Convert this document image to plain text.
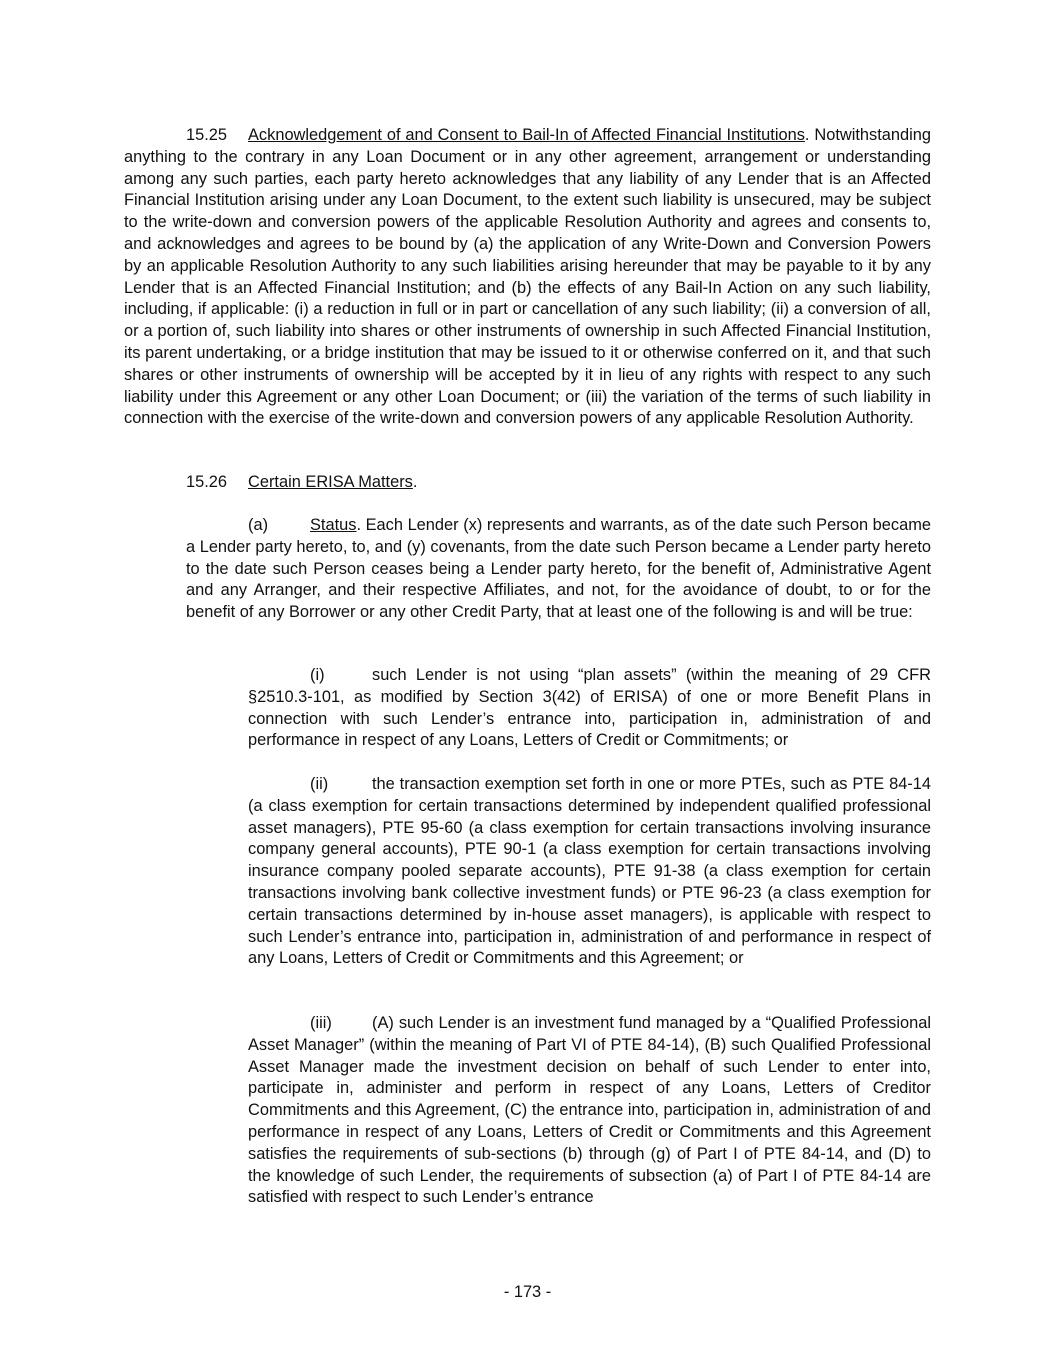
15.25 Acknowledgement of and Consent to Bail-In of Affected Financial Institutions. Notwithstanding anything to the contrary in any Loan Document or in any other agreement, arrangement or understanding among any such parties, each party hereto acknowledges that any liability of any Lender that is an Affected Financial Institution arising under any Loan Document, to the extent such liability is unsecured, may be subject to the write-down and conversion powers of the applicable Resolution Authority and agrees and consents to, and acknowledges and agrees to be bound by (a) the application of any Write-Down and Conversion Powers by an applicable Resolution Authority to any such liabilities arising hereunder that may be payable to it by any Lender that is an Affected Financial Institution; and (b) the effects of any Bail-In Action on any such liability, including, if applicable: (i) a reduction in full or in part or cancellation of any such liability; (ii) a conversion of all, or a portion of, such liability into shares or other instruments of ownership in such Affected Financial Institution, its parent undertaking, or a bridge institution that may be issued to it or otherwise conferred on it, and that such shares or other instruments of ownership will be accepted by it in lieu of any rights with respect to any such liability under this Agreement or any other Loan Document; or (iii) the variation of the terms of such liability in connection with the exercise of the write-down and conversion powers of any applicable Resolution Authority.

15.26 Certain ERISA Matters.

(a)	Status. Each Lender (x) represents and warrants, as of the date such Person became a Lender party hereto, to, and (y) covenants, from the date such Person became a Lender party hereto to the date such Person ceases being a Lender party hereto, for the benefit of, Administrative Agent and any Arranger, and their respective Affiliates, and not, for the avoidance of doubt, to or for the benefit of any Borrower or any other Credit Party, that at least one of the following is and will be true:

(i)	such Lender is not using “plan assets” (within the meaning of 29 CFR §2510.3-101, as modified by Section 3(42) of ERISA) of one or more Benefit Plans in connection with such Lender’s entrance into, participation in, administration of and performance in respect of any Loans, Letters of Credit or Commitments; or

(ii)	the transaction exemption set forth in one or more PTEs, such as PTE 84-14 (a class exemption for certain transactions determined by independent qualified professional asset managers), PTE 95-60 (a class exemption for certain transactions involving insurance company general accounts), PTE 90-1 (a class exemption for certain transactions involving insurance company pooled separate accounts), PTE 91-38 (a class exemption for certain transactions involving bank collective investment funds) or PTE 96-23 (a class exemption for certain transactions determined by in-house asset managers), is applicable with respect to such Lender’s entrance into, participation in, administration of and performance in respect of any Loans, Letters of Credit or Commitments and this Agreement; or

(iii) (A) such Lender is an investment fund managed by a “Qualified Professional Asset Manager” (within the meaning of Part VI of PTE 84-14), (B) such Qualified Professional Asset Manager made the investment decision on behalf of such Lender to enter into, participate in, administer and perform in respect of any Loans, Letters of Creditor Commitments and this Agreement, (C) the entrance into, participation in, administration of and performance in respect of any Loans, Letters of Credit or Commitments and this Agreement satisfies the requirements of sub-sections (b) through (g) of Part I of PTE 84-14, and (D) to the knowledge of such Lender, the requirements of subsection (a) of Part I of PTE 84-14 are satisfied with respect to such Lender’s entrance

- 173 -
